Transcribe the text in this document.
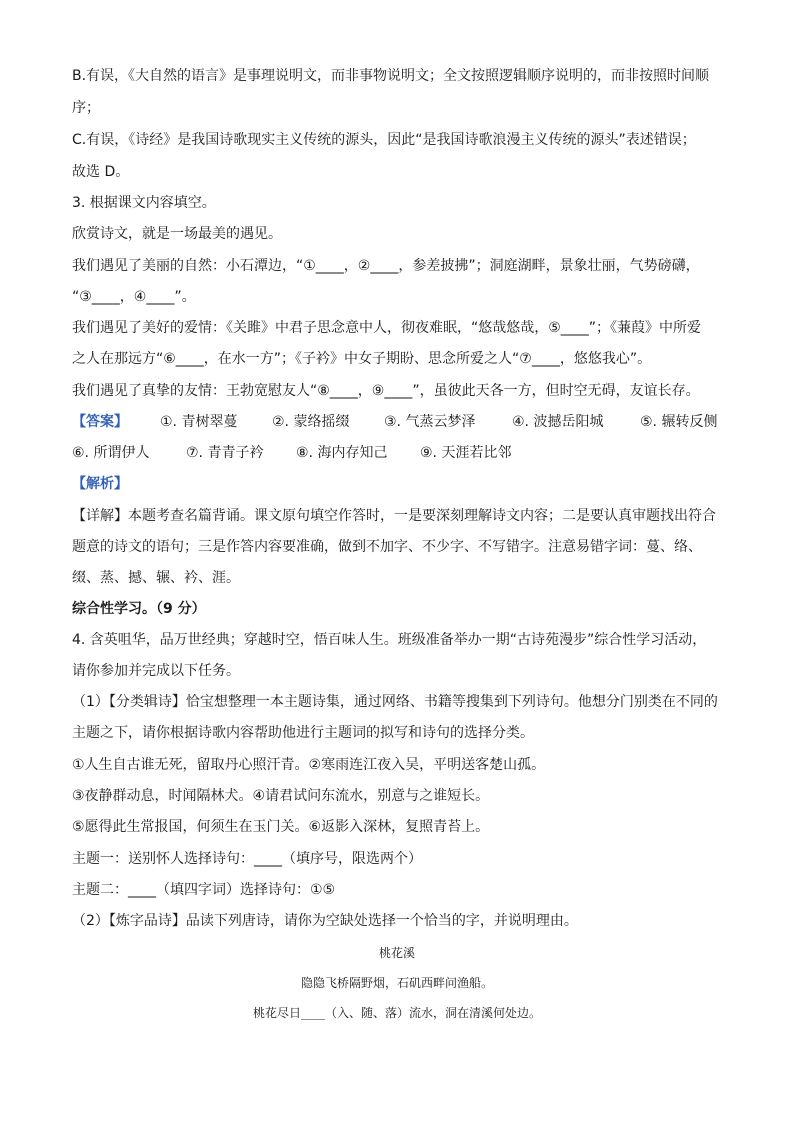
B.有误，《大自然的语言》是事理说明文，而非事物说明文；全文按照逻辑顺序说明的，而非按照时间顺
序；
C.有误，《诗经》是我国诗歌现实主义传统的源头，因此“是我国诗歌浪漫主义传统的源头”表述错误；
故选 D。
3. 根据课文内容填空。
欣赏诗文，就是一场最美的遇见。
我们遇见了美丽的自然：小石潭边，“①____，②____，参差披拂”；洞庭湖畔，景象壮丽，气势磅礴，
“③____，④____”。
我们遇见了美好的爱情：《关雎》中君子思念意中人，彻夜难眠，“悠哉悠哉，⑤____”；《蒹葭》中所爱
之人在那远方“⑥____，在水一方”；《子衿》中女子期盼、思念所爱之人“⑦____，悠悠我心”。
我们遇见了真挚的友情：王勃宽慰友人“⑧____，⑨____”，虽彼此天各一方，但时空无碍，友谊长存。
【答案】 ①. 青树翠蔓 ②. 蒙络摇缀 ③. 气蒸云梦泽	④. 波撼岳阳城	⑤. 辗转反侧
⑥. 所谓伊人	⑦. 青青子衿 ⑧. 海内存知己 ⑨. 天涯若比邻
【解析】
【详解】本题考查名篇背诵。课文原句填空作答时，一是要深刻理解诗文内容；二是要认真审题找出符合
题意的诗文的语句；三是作答内容要准确，做到不加字、不少字、不写错字。注意易错字词：蔓、络、
缀、蒸、撼、辗、衿、涯。
综合性学习。（9 分）
4. 含英咀华，品万世经典；穿越时空，悟百味人生。班级准备举办一期“古诗苑漫步”综合性学习活动，
请你参加并完成以下任务。
（1）【分类辑诗】恰宝想整理一本主题诗集，通过网络、书籍等搜集到下列诗句。他想分门别类在不同的
主题之下，请你根据诗歌内容帮助他进行主题词的拟写和诗句的选择分类。
①人生自古谁无死，留取丹心照汗青。②寒雨连江夜入吴，平明送客楚山孤。
③夜静群动息，时闻隔林犬。④请君试问东流水，别意与之谁短长。
⑤愿得此生常报国，何须生在玉门关。⑥返影入深林，复照青苔上。
主题一：送别怀人选择诗句：____（填序号，限选两个）
主题二：____（填四字词）选择诗句：①⑤
（2）【炼字品诗】品读下列唐诗，请你为空缺处选择一个恰当的字，并说明理由。
桃花溪
隐隐飞桥隔野烟，石矶西畔问渔船。
桃花尽日____（入、随、落）流水，洞在清溪何处边。
